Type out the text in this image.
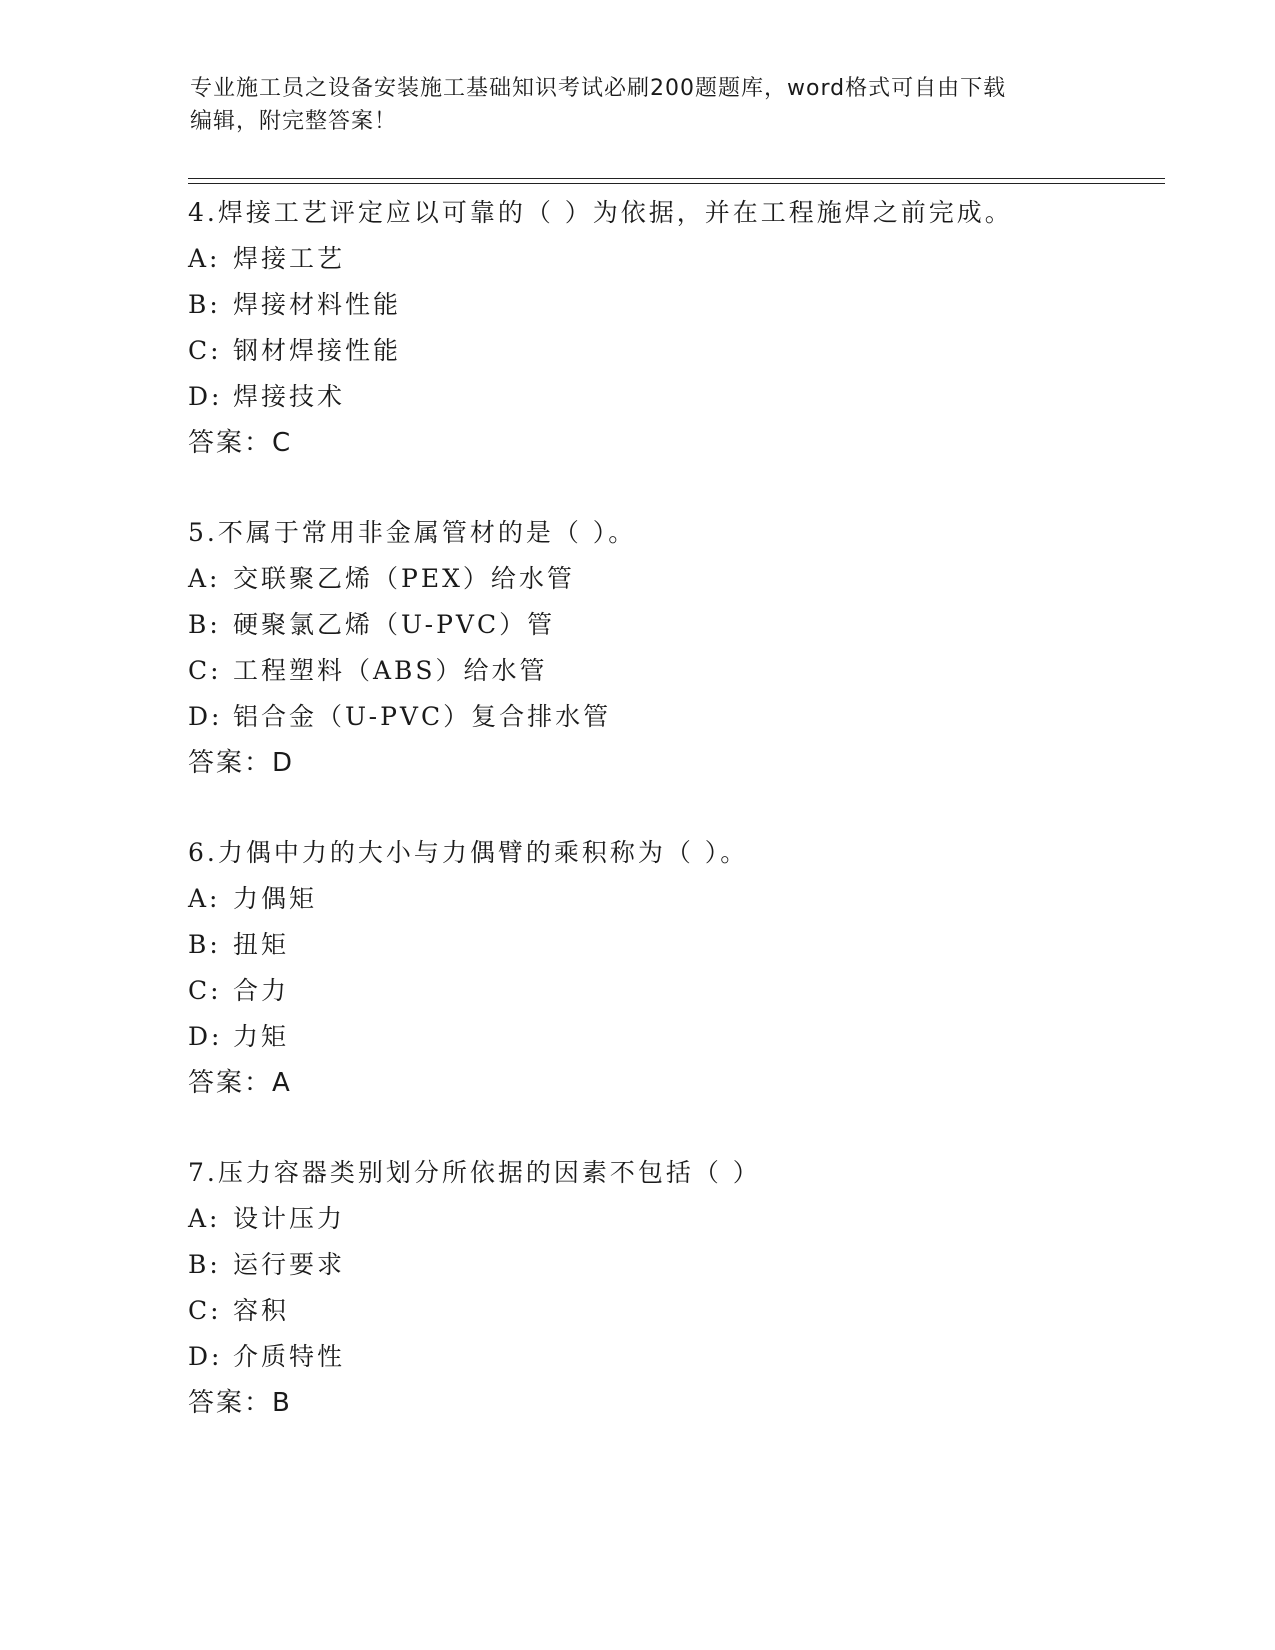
专业施工员之设备安装施工基础知识考试必刷200题题库，word格式可自由下载
编辑，附完整答案！
4.焊接工艺评定应以可靠的（ ）为依据，并在工程施焊之前完成。
A: 焊接工艺
B: 焊接材料性能
C: 钢材焊接性能
D: 焊接技术
答案：C
5.不属于常用非金属管材的是（ ）。
A: 交联聚乙烯（PEX）给水管
B: 硬聚氯乙烯（U-PVC）管
C: 工程塑料（ABS）给水管
D: 铝合金（U-PVC）复合排水管
答案：D
6.力偶中力的大小与力偶臂的乘积称为（ ）。
A: 力偶矩
B: 扭矩
C: 合力
D: 力矩
答案：A
7.压力容器类别划分所依据的因素不包括（ ）
A: 设计压力
B: 运行要求
C: 容积
D: 介质特性
答案：B
